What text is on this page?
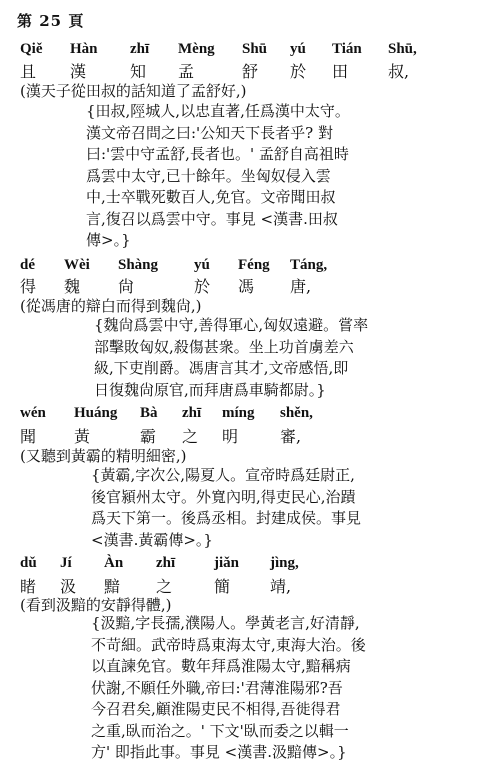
第 25 頁
Qiě Hàn zhī Mèng Shū yú Tián Shū,
且 漢	知 孟	舒 於 田 叔,
(漢天子從田叔的話知道了孟舒好,)
{田叔,陘城人,以忠直著,任爲漢中太守。
漢文帝召問之曰:'公知天下長者乎? 對
曰:'雲中守孟舒,長者也。' 孟舒自高祖時
爲雲中太守,已十餘年。坐匈奴侵入雲
中,士卒戰死數百人,免官。文帝聞田叔
言,復召以爲雲中守。事見 <漢書.田叔
傳>。}
dé Wèi Shàng yú Féng Táng,
得 魏 尙	於 馮 唐,
(從馮唐的辯白而得到魏尙,)
{魏尙爲雲中守,善得軍心,匈奴遠避。嘗率
部擊敗匈奴,殺傷甚衆。坐上功首虜差六
級,下吏削爵。馮唐言其才,文帝感悟,即
日復魏尙原官,而拜唐爲車騎都尉。}
wén Huáng Bà zhī míng shěn,
聞 黃	霸 之 明	審,
(又聽到黃霸的精明細密,)
{黃霸,字次公,陽夏人。宣帝時爲廷尉正,
後官潁州太守。外寬內明,得吏民心,治蹟
爲天下第一。後爲丞相。封建成侯。事見
<漢書.黃霸傳>。}
dǔ Jí Àn zhī	jiǎn jìng,
睹 汲 黯 之	簡 靖,
(看到汲黯的安靜得體,)
{汲黯,字長孺,濮陽人。學黃老言,好清靜,
不苛細。武帝時爲東海太守,東海大治。後
以直諫免官。數年拜爲淮陽太守,黯稱病
伏謝,不願任外職,帝曰:'君薄淮陽邪?吾
今召君矣,顧淮陽吏民不相得,吾徙得君
之重,臥而治之。' 下文'臥而委之以輯一
方' 即指此事。事見 <漢書.汲黯傳>。}
